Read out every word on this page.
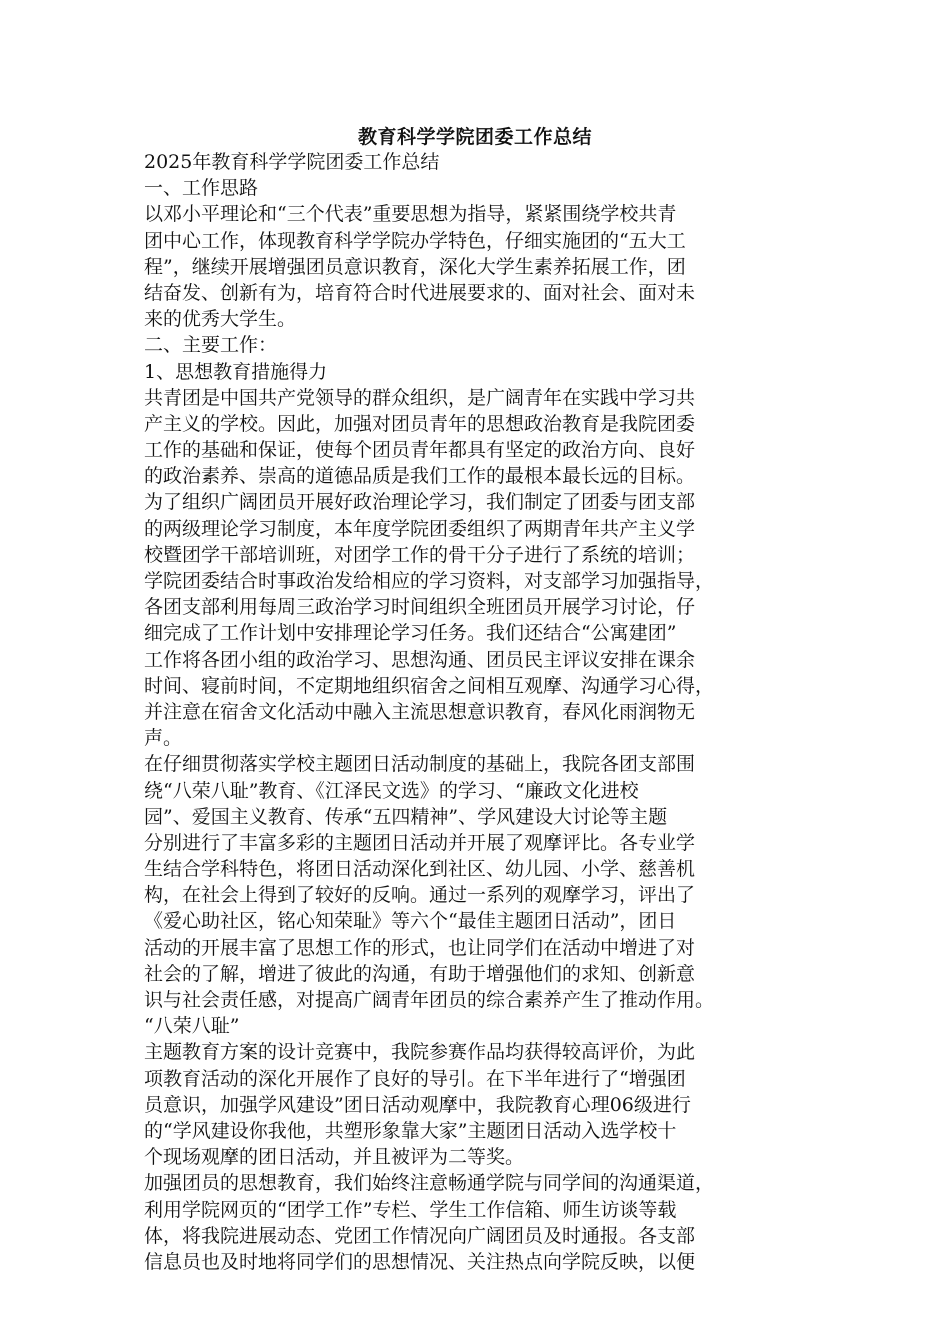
教育科学学院团委工作总结
2025年教育科学学院团委工作总结
一、工作思路
以邓小平理论和“三个代表”重要思想为指导，紧紧围绕学校共青
团中心工作，体现教育科学学院办学特色，仔细实施团的“五大工
程”，继续开展增强团员意识教育，深化大学生素养拓展工作，团
结奋发、创新有为，培育符合时代进展要求的、面对社会、面对未
来的优秀大学生。
二、主要工作：
1、思想教育措施得力
共青团是中国共产党领导的群众组织，是广阔青年在实践中学习共
产主义的学校。因此，加强对团员青年的思想政治教育是我院团委
工作的基础和保证，使每个团员青年都具有坚定的政治方向、良好
的政治素养、崇高的道德品质是我们工作的最根本最长远的目标。
为了组织广阔团员开展好政治理论学习，我们制定了团委与团支部
的两级理论学习制度，本年度学院团委组织了两期青年共产主义学
校暨团学干部培训班，对团学工作的骨干分子进行了系统的培训；
学院团委结合时事政治发给相应的学习资料，对支部学习加强指导，
各团支部利用每周三政治学习时间组织全班团员开展学习讨论，仔
细完成了工作计划中安排理论学习任务。我们还结合“公寓建团”
工作将各团小组的政治学习、思想沟通、团员民主评议安排在课余
时间、寝前时间，不定期地组织宿舍之间相互观摩、沟通学习心得，
并注意在宿舍文化活动中融入主流思想意识教育，春风化雨润物无
声。
在仔细贯彻落实学校主题团日活动制度的基础上，我院各团支部围
绕“八荣八耻”教育、《江泽民文选》的学习、“廉政文化进校
园”、爱国主义教育、传承“五四精神”、学风建设大讨论等主题
分别进行了丰富多彩的主题团日活动并开展了观摩评比。各专业学
生结合学科特色，将团日活动深化到社区、幼儿园、小学、慈善机
构，在社会上得到了较好的反响。通过一系列的观摩学习，评出了
《爱心助社区，铭心知荣耻》等六个“最佳主题团日活动”，团日
活动的开展丰富了思想工作的形式，也让同学们在活动中增进了对
社会的了解，增进了彼此的沟通，有助于增强他们的求知、创新意
识与社会责任感，对提高广阔青年团员的综合素养产生了推动作用。
“八荣八耻”
主题教育方案的设计竞赛中，我院参赛作品均获得较高评价，为此
项教育活动的深化开展作了良好的导引。在下半年进行了“增强团
员意识，加强学风建设”团日活动观摩中，我院教育心理06级进行
的“学风建设你我他，共塑形象靠大家”主题团日活动入选学校十
个现场观摩的团日活动，并且被评为二等奖。
加强团员的思想教育，我们始终注意畅通学院与同学间的沟通渠道，
利用学院网页的“团学工作”专栏、学生工作信箱、师生访谈等载
体，将我院进展动态、党团工作情况向广阔团员及时通报。各支部
信息员也及时地将同学们的思想情况、关注热点向学院反映，以便
